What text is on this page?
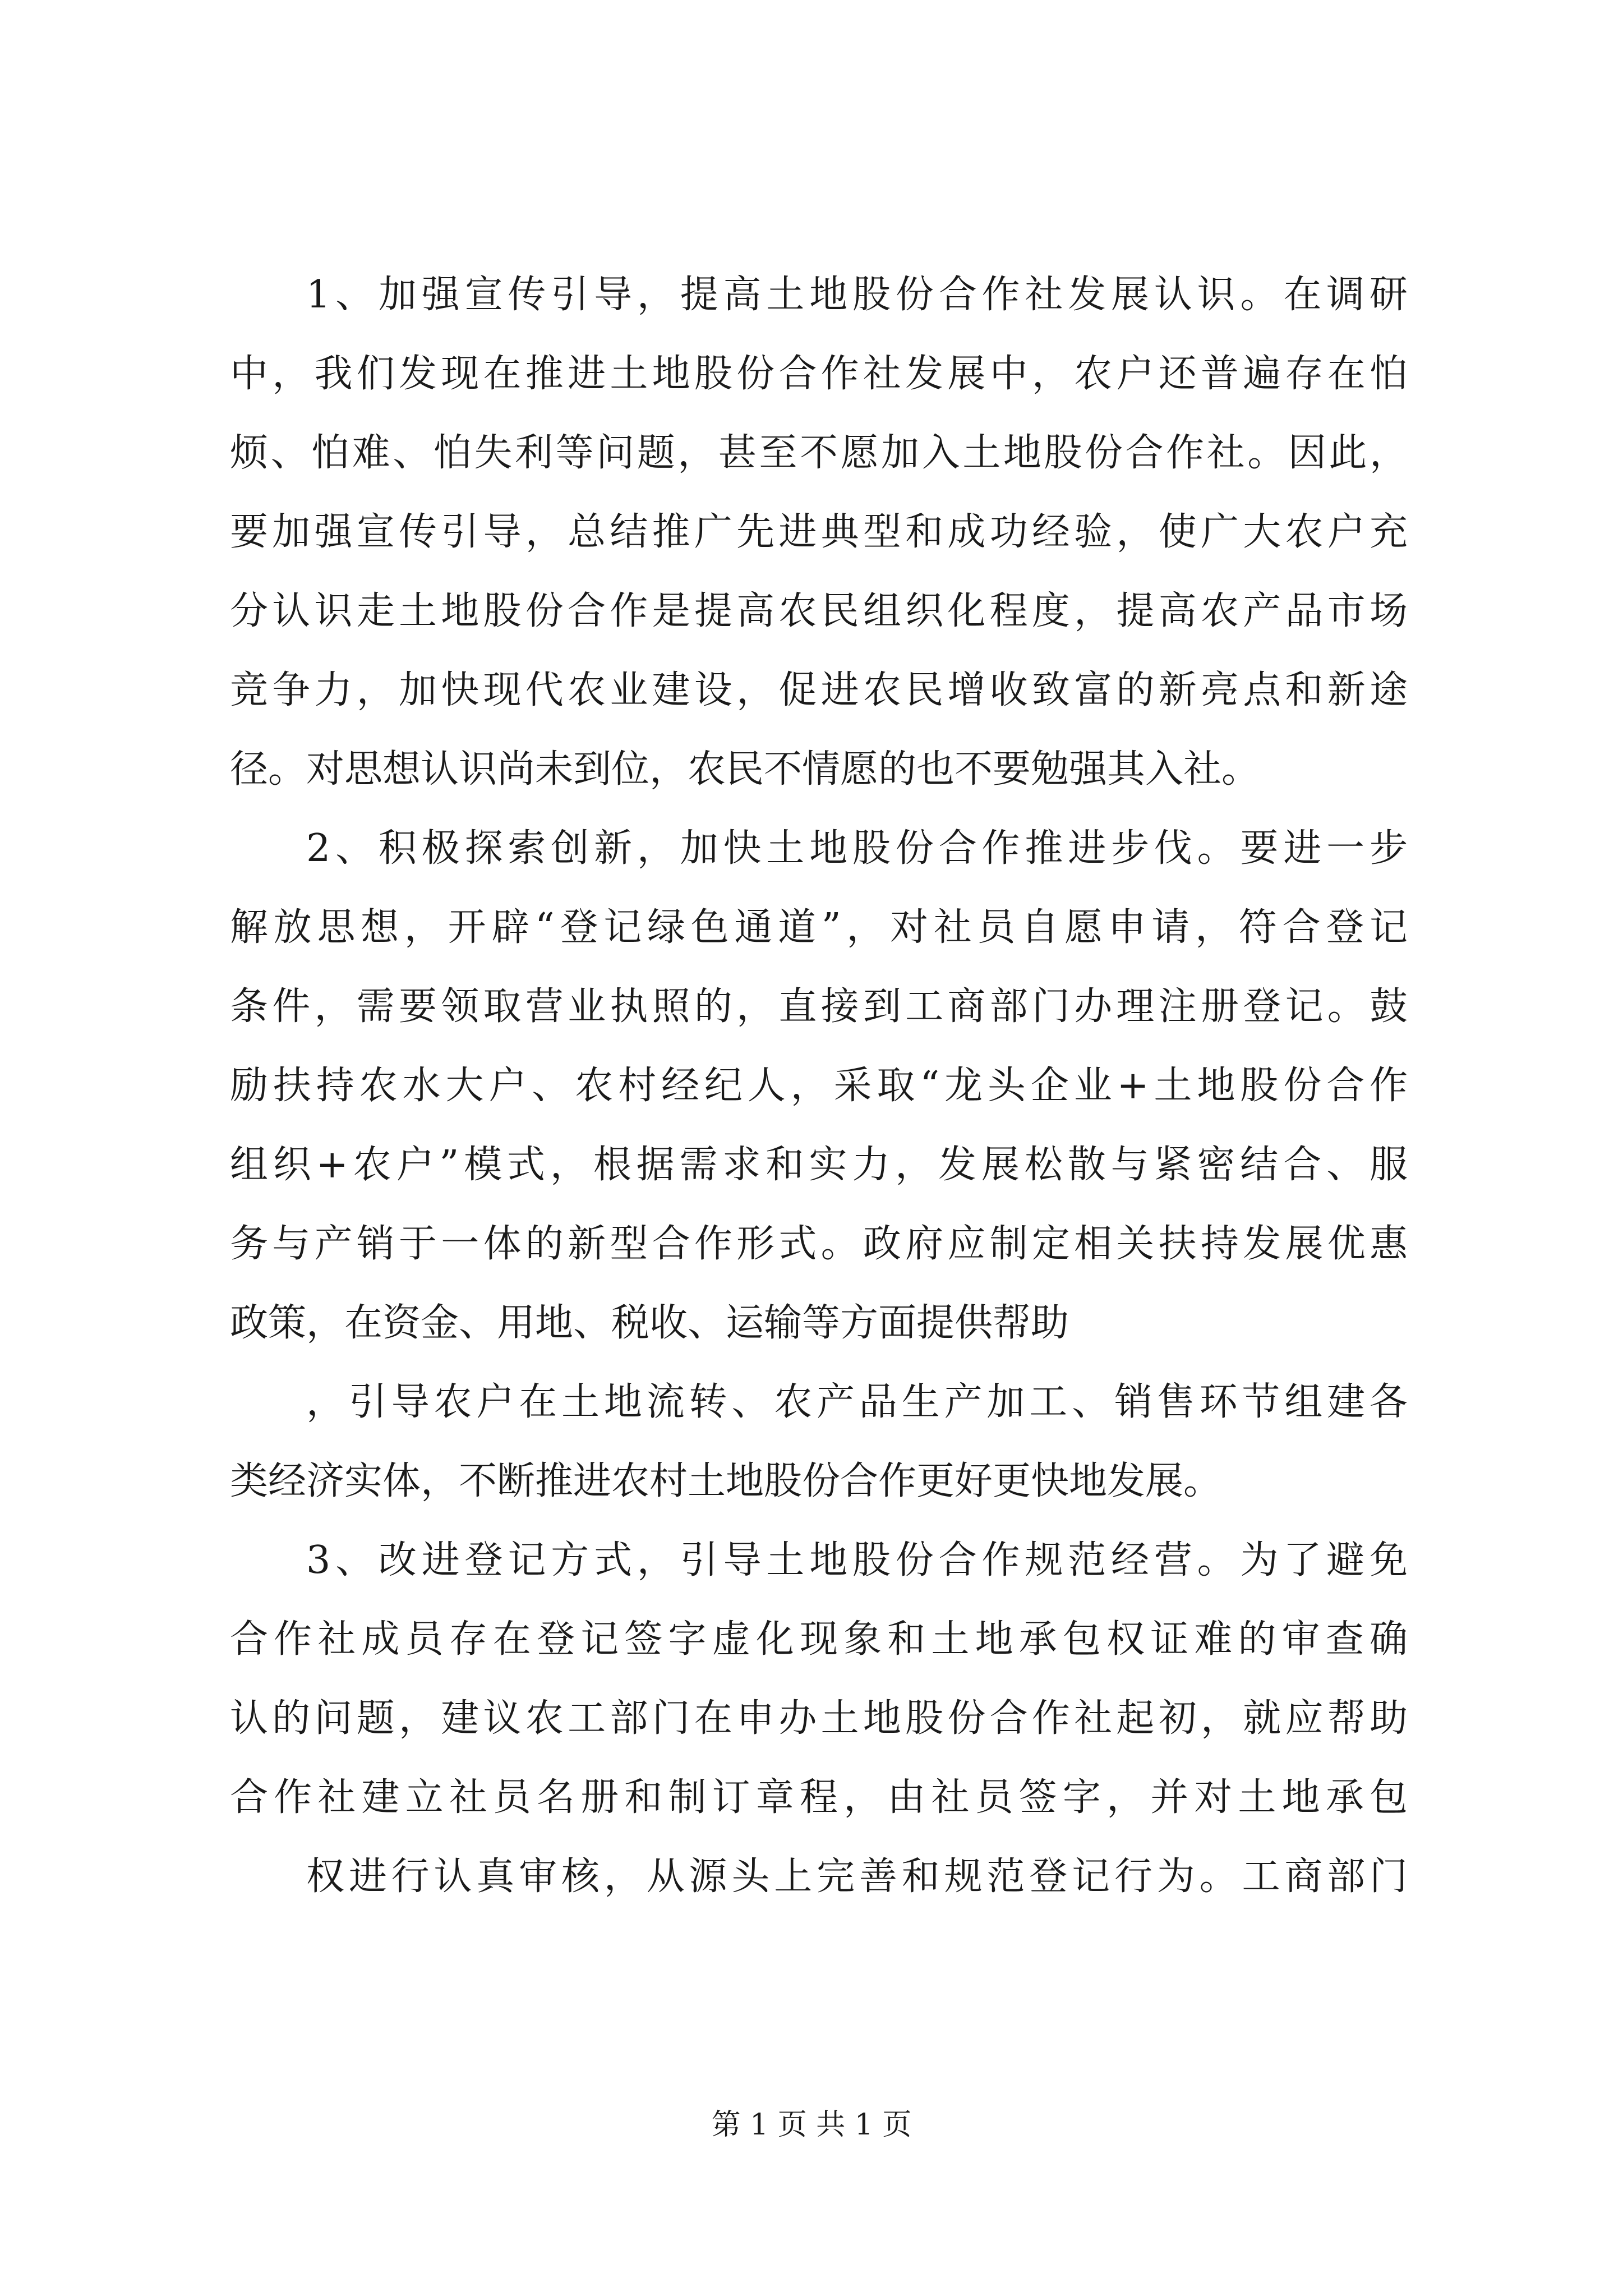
1、加强宣传引导，提高土地股份合作社发展认识。在调研
中，我们发现在推进土地股份合作社发展中，农户还普遍存在怕
烦、怕难、怕失利等问题，甚至不愿加入土地股份合作社。因此，
要加强宣传引导，总结推广先进典型和成功经验，使广大农户充
分认识走土地股份合作是提高农民组织化程度，提高农产品市场
竞争力，加快现代农业建设，促进农民增收致富的新亮点和新途
径。对思想认识尚未到位，农民不情愿的也不要勉强其入社。
2、积极探索创新，加快土地股份合作推进步伐。要进一步
解放思想，开辟“登记绿色通道”，对社员自愿申请，符合登记
条件，需要领取营业执照的，直接到工商部门办理注册登记。鼓
励扶持农水大户、农村经纪人，采取“龙头企业+土地股份合作
组织+农户”模式，根据需求和实力，发展松散与紧密结合、服
务与产销于一体的新型合作形式。政府应制定相关扶持发展优惠
政策，在资金、用地、税收、运输等方面提供帮助
，引导农户在土地流转、农产品生产加工、销售环节组建各
类经济实体，不断推进农村土地股份合作更好更快地发展。
3、改进登记方式，引导土地股份合作规范经营。为了避免
合作社成员存在登记签字虚化现象和土地承包权证难的审查确
认的问题，建议农工部门在申办土地股份合作社起初，就应帮助
合作社建立社员名册和制订章程，由社员签字，并对土地承包
权进行认真审核，从源头上完善和规范登记行为。工商部门
第 1 页 共 1 页
